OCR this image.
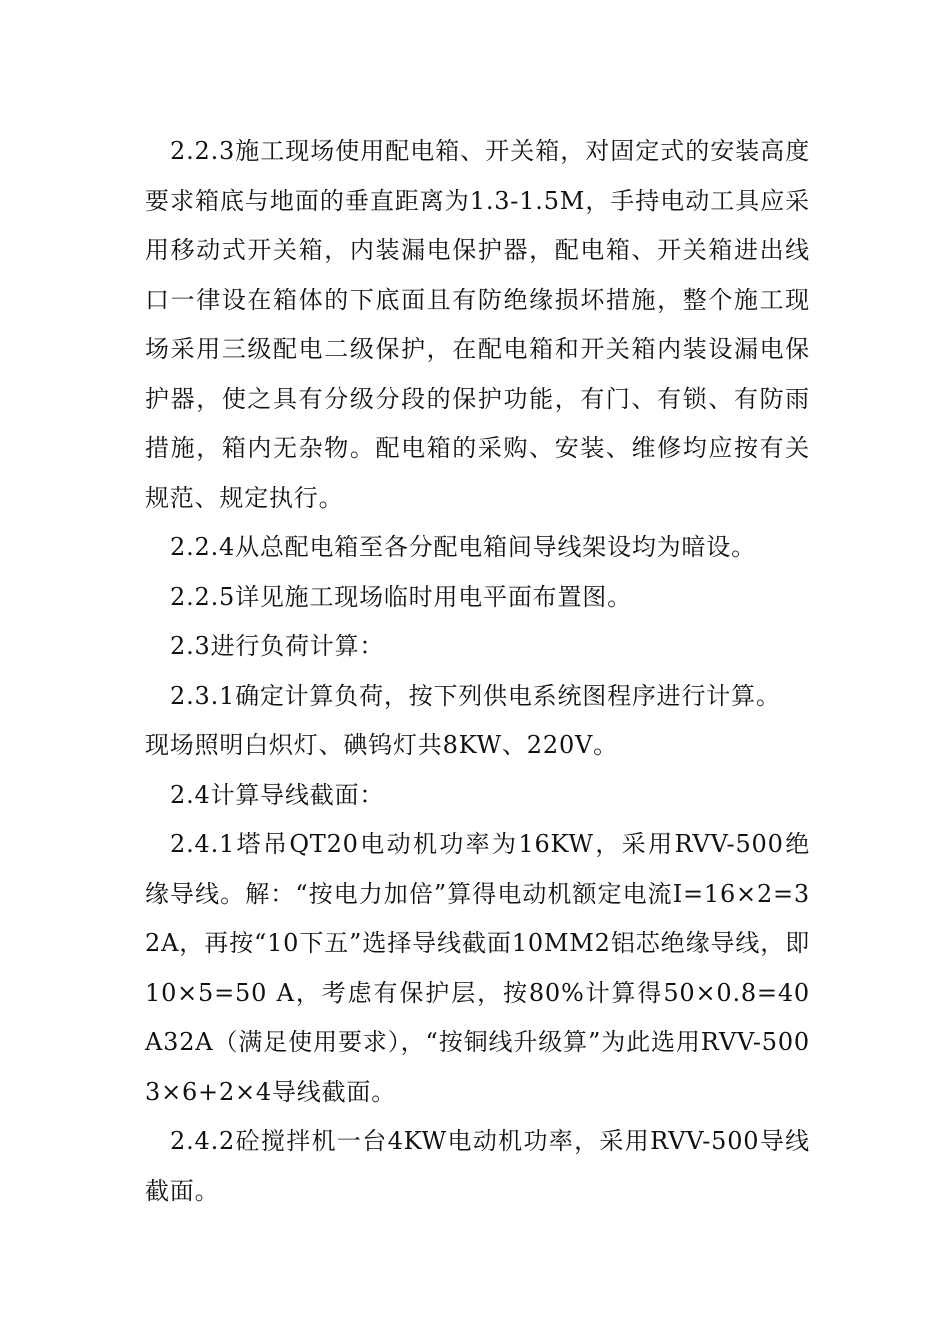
2.2.3施工现场使用配电箱、开关箱，对固定式的安装高度要求箱底与地面的垂直距离为1.3-1.5M，手持电动工具应采用移动式开关箱，内装漏电保护器，配电箱、开关箱进出线口一律设在箱体的下底面且有防绝缘损坏措施，整个施工现场采用三级配电二级保护，在配电箱和开关箱内装设漏电保护器，使之具有分级分段的保护功能，有门、有锁、有防雨措施，箱内无杂物。配电箱的采购、安装、维修均应按有关规范、规定执行。

2.2.4从总配电箱至各分配电箱间导线架设均为暗设。

2.2.5详见施工现场临时用电平面布置图。

2.3进行负荷计算：

2.3.1确定计算负荷，按下列供电系统图程序进行计算。

现场照明白炽灯、碘钨灯共8KW、220V。

2.4计算导线截面：

2.4.1塔吊QT20电动机功率为16KW，采用RVV-500绝缘导线。解：“按电力加倍”算得电动机额定电流I=16×2=32A，再按“10下五”选择导线截面10MM2铝芯绝缘导线，即10×5=50 A，考虑有保护层，按80%计算得50×0.8=40A32A（满足使用要求），“按铜线升级算”为此选用RVV-500 3×6+2×4导线截面。

2.4.2砼搅拌机一台4KW电动机功率，采用RVV-500导线截面。
